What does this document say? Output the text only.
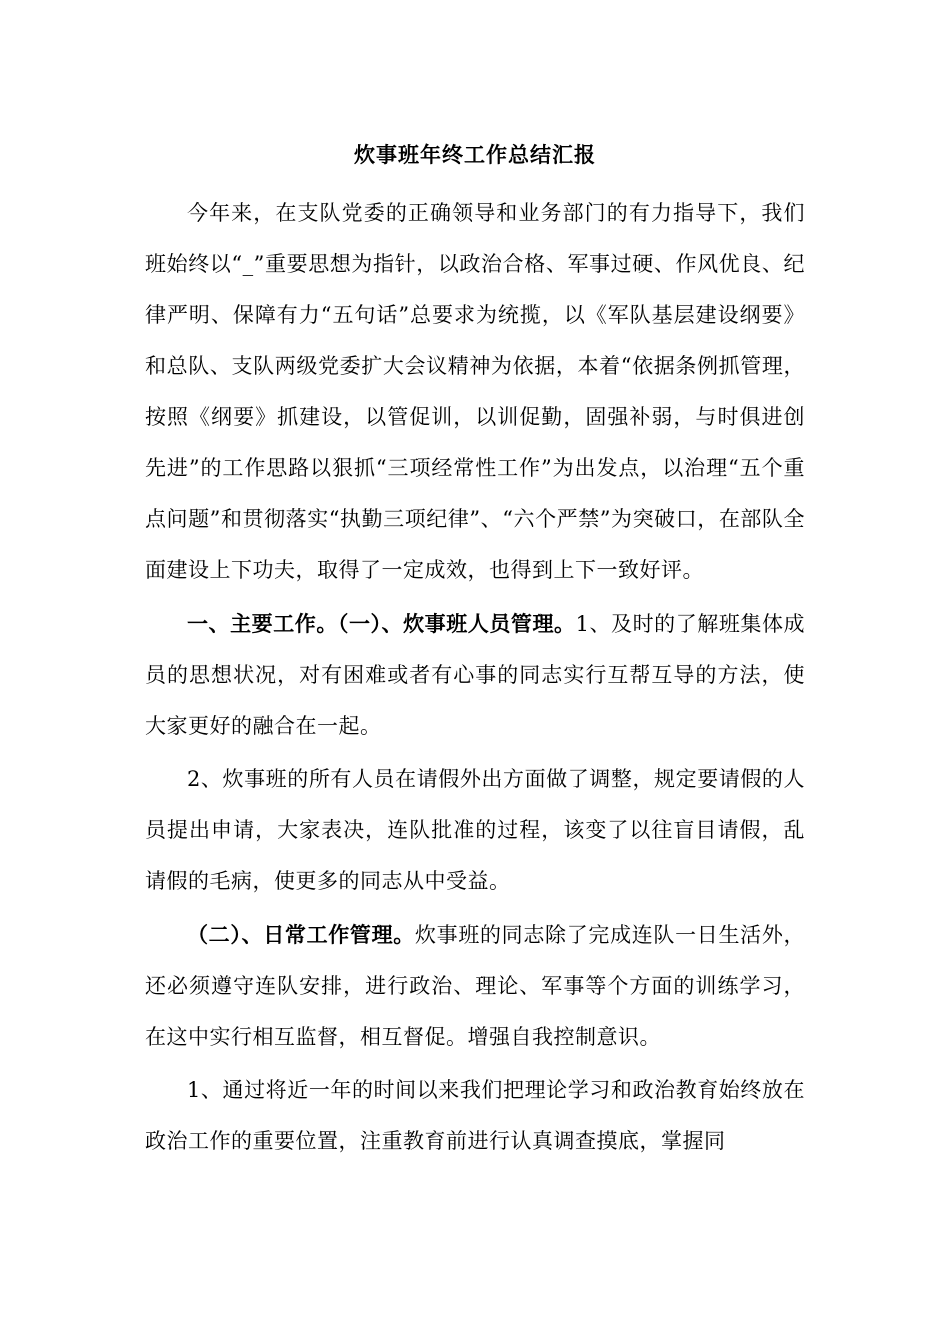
炊事班年终工作总结汇报

今年来，在支队党委的正确领导和业务部门的有力指导下，我们班始终以“_”重要思想为指针，以政治合格、军事过硬、作风优良、纪律严明、保障有力“五句话”总要求为统揽，以《军队基层建设纲要》和总队、支队两级党委扩大会议精神为依据，本着“依据条例抓管理，按照《纲要》抓建设，以管促训，以训促勤，固强补弱，与时俱进创先进”的工作思路以狠抓“三项经常性工作”为出发点，以治理“五个重点问题”和贯彻落实“执勤三项纪律”、“六个严禁”为突破口，在部队全面建设上下功夫，取得了一定成效，也得到上下一致好评。

一、主要工作。（一）、炊事班人员管理。1、及时的了解班集体成员的思想状况，对有困难或者有心事的同志实行互帮互导的方法，使大家更好的融合在一起。

2、炊事班的所有人员在请假外出方面做了调整，规定要请假的人员提出申请，大家表决，连队批准的过程，该变了以往盲目请假，乱请假的毛病，使更多的同志从中受益。

（二）、日常工作管理。炊事班的同志除了完成连队一日生活外，还必须遵守连队安排，进行政治、理论、军事等个方面的训练学习，在这中实行相互监督，相互督促。增强自我控制意识。

1、通过将近一年的时间以来我们把理论学习和政治教育始终放在政治工作的重要位置，注重教育前进行认真调查摸底，掌握同
